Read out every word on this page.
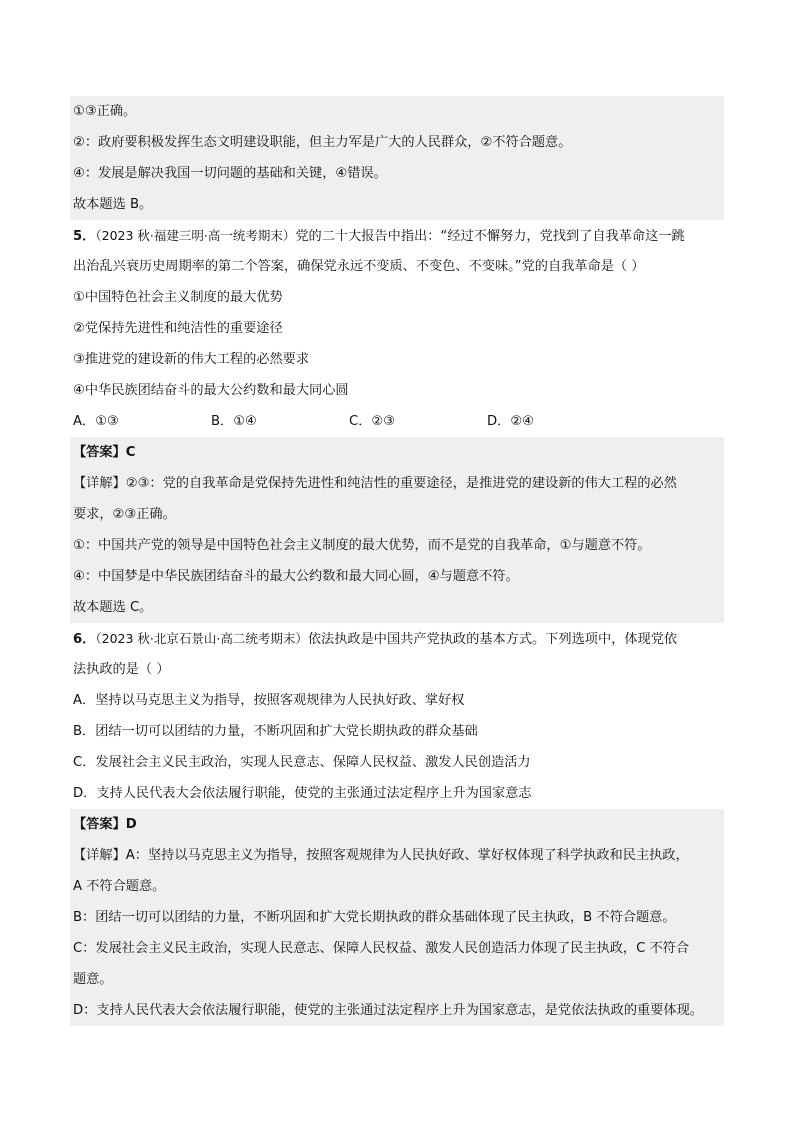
①③正确。
②：政府要积极发挥生态文明建设职能，但主力军是广大的人民群众，②不符合题意。
④：发展是解决我国一切问题的基础和关键，④错误。
故本题选 B。
5．（2023 秋·福建三明·高一统考期末）党的二十大报告中指出：“经过不懈努力，党找到了自我革命这一跳
出治乱兴衰历史周期率的第二个答案，确保党永远不变质、不变色、不变味。”党的自我革命是（ ）
①中国特色社会主义制度的最大优势
②党保持先进性和纯洁性的重要途径
③推进党的建设新的伟大工程的必然要求
④中华民族团结奋斗的最大公约数和最大同心圆
A．①③	B．①④	C．②③	D．②④
【答案】C
【详解】②③：党的自我革命是党保持先进性和纯洁性的重要途径，是推进党的建设新的伟大工程的必然
要求，②③正确。
①：中国共产党的领导是中国特色社会主义制度的最大优势，而不是党的自我革命，①与题意不符。
④：中国梦是中华民族团结奋斗的最大公约数和最大同心圆，④与题意不符。
故本题选 C。
6．（2023 秋·北京石景山·高二统考期末）依法执政是中国共产党执政的基本方式。下列选项中，体现党依
法执政的是（ ）
A．坚持以马克思主义为指导，按照客观规律为人民执好政、掌好权
B．团结一切可以团结的力量，不断巩固和扩大党长期执政的群众基础
C．发展社会主义民主政治，实现人民意志、保障人民权益、激发人民创造活力
D．支持人民代表大会依法履行职能，使党的主张通过法定程序上升为国家意志
【答案】D
【详解】A：坚持以马克思主义为指导，按照客观规律为人民执好政、掌好权体现了科学执政和民主执政，
A 不符合题意。
B：团结一切可以团结的力量，不断巩固和扩大党长期执政的群众基础体现了民主执政，B 不符合题意。
C：发展社会主义民主政治，实现人民意志、保障人民权益、激发人民创造活力体现了民主执政，C 不符合
题意。
D：支持人民代表大会依法履行职能，使党的主张通过法定程序上升为国家意志，是党依法执政的重要体现。
